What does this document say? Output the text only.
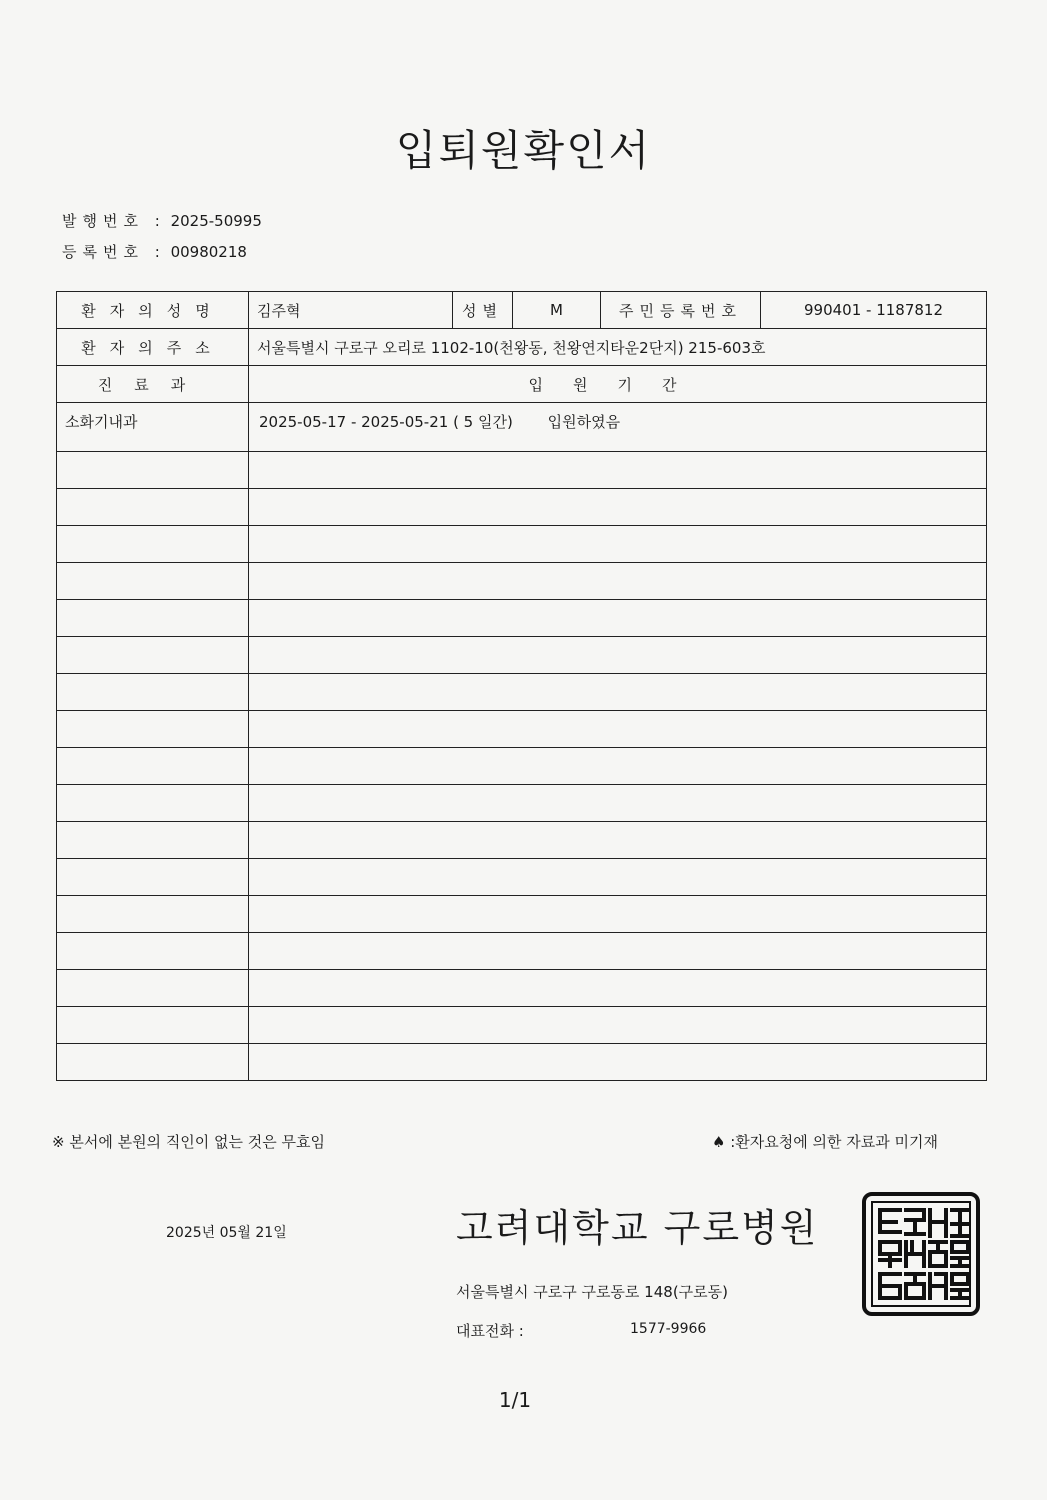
입퇴원확인서
발행번호 : 2025-50995
등록번호 : 00980218
환자의성명	김주혁	성별	M	주민등록번호	990401 - 1187812
환자의주소	서울특별시 구로구 오리로 1102-10(천왕동, 천왕연지타운2단지) 215-603호				
진료과	입원기간				
소화기내과	2025-05-17 - 2025-05-21 ( 5 일간) 입원하였음				

※ 본서에 본원의 직인이 없는 것은 무효임	♠ :환자요청에 의한 자료과 미기재
2025년 05월 21일	고려대학교 구로병원
서울특별시 구로구 구로동로 148(구로동)
대표전화 :	1577-9966
1/1
